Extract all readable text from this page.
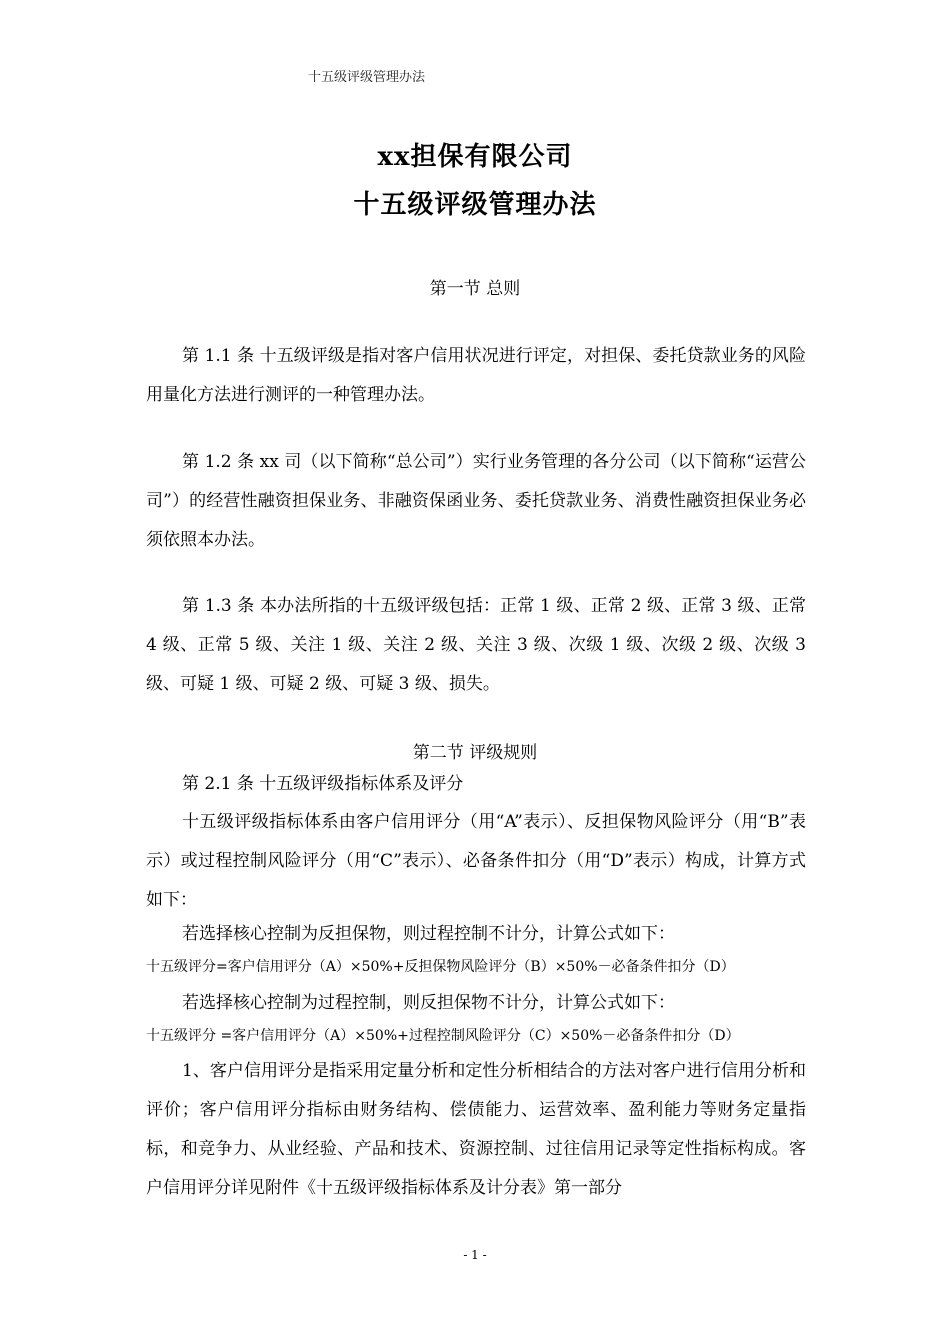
十五级评级管理办法
xx担保有限公司
十五级评级管理办法
第一节 总则
第 1.1 条 十五级评级是指对客户信用状况进行评定，对担保、委托贷款业务的风险用量化方法进行测评的一种管理办法。
第 1.2 条 xx 司（以下简称“总公司”）实行业务管理的各分公司（以下简称“运营公司”）的经营性融资担保业务、非融资保函业务、委托贷款业务、消费性融资担保业务必须依照本办法。
第 1.3 条 本办法所指的十五级评级包括：正常 1 级、正常 2 级、正常 3 级、正常 4 级、正常 5 级、关注 1 级、关注 2 级、关注 3 级、次级 1 级、次级 2 级、次级 3 级、可疑 1 级、可疑 2 级、可疑 3 级、损失。
第二节 评级规则
第 2.1 条 十五级评级指标体系及评分
十五级评级指标体系由客户信用评分（用“A”表示）、反担保物风险评分（用“B”表示）或过程控制风险评分（用“C”表示）、必备条件扣分（用“D”表示）构成，计算方式如下：
若选择核心控制为反担保物，则过程控制不计分，计算公式如下：
十五级评分=客户信用评分（A）×50%+反担保物风险评分（B）×50%－必备条件扣分（D）
若选择核心控制为过程控制，则反担保物不计分，计算公式如下：
十五级评分 =客户信用评分（A）×50%+过程控制风险评分（C）×50%－必备条件扣分（D）
1、客户信用评分是指采用定量分析和定性分析相结合的方法对客户进行信用分析和评价；客户信用评分指标由财务结构、偿债能力、运营效率、盈利能力等财务定量指标，和竞争力、从业经验、产品和技术、资源控制、过往信用记录等定性指标构成。客户信用评分详见附件《十五级评级指标体系及计分表》第一部分
- 1 -
